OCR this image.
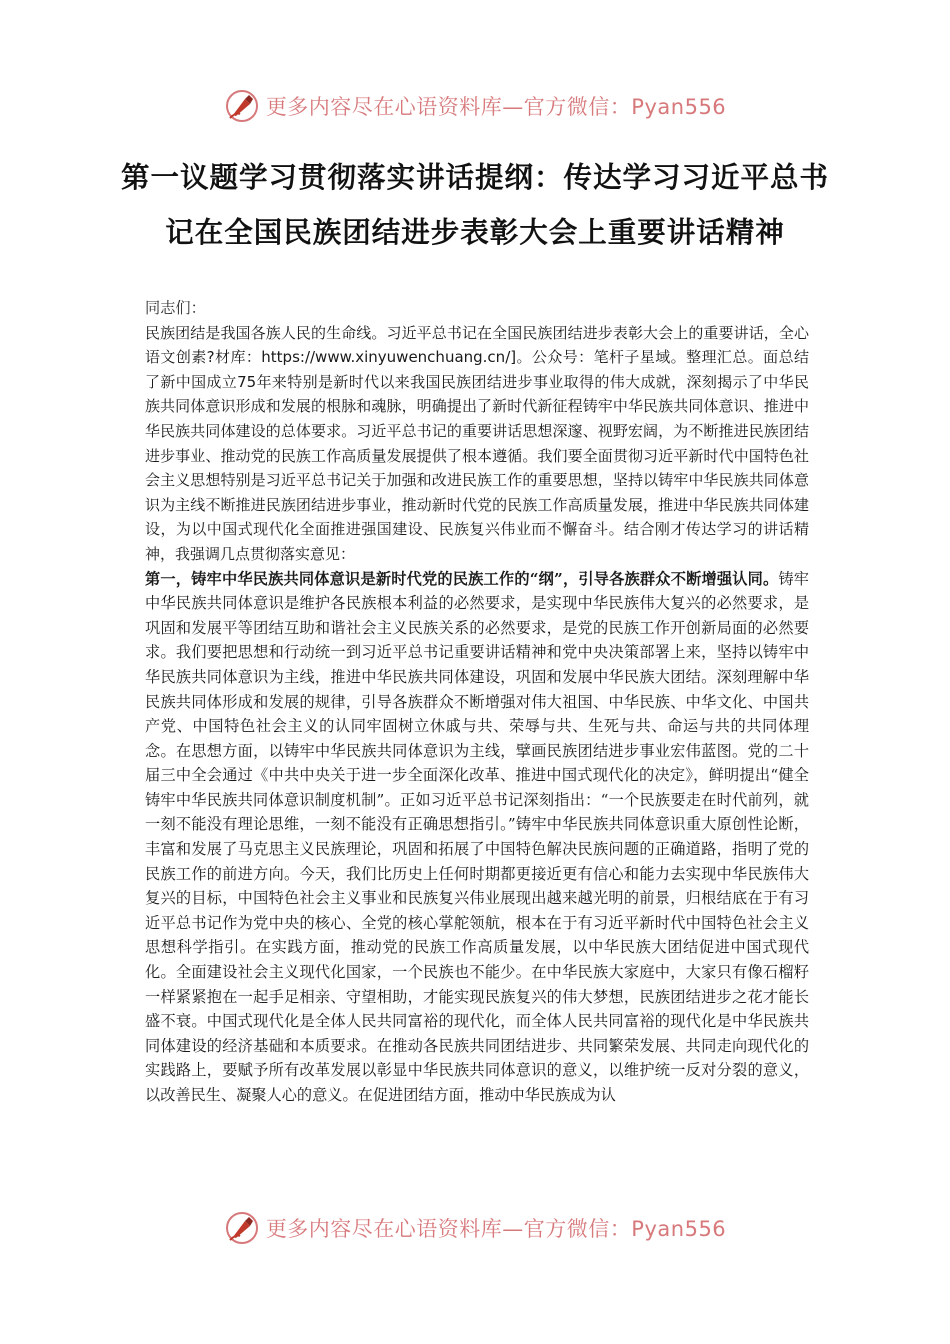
更多内容尽在心语资料库—官方微信：Pyan556
第一议题学习贯彻落实讲话提纲：传达学习习近平总书记在全国民族团结进步表彰大会上重要讲话精神

同志们：

民族团结是我国各族人民的生命线。习近平总书记在全国民族团结进步表彰大会上的重要讲话，全心语文创素?材库：https://www.xinyuwenchuang.cn/]。公众号：笔杆子星域。整理汇总。面总结了新中国成立75年来特别是新时代以来我国民族团结进步事业取得的伟大成就，深刻揭示了中华民族共同体意识形成和发展的根脉和魂脉，明确提出了新时代新征程铸牢中华民族共同体意识、推进中华民族共同体建设的总体要求。习近平总书记的重要讲话思想深邃、视野宏阔，为不断推进民族团结进步事业、推动党的民族工作高质量发展提供了根本遵循。我们要全面贯彻习近平新时代中国特色社会主义思想特别是习近平总书记关于加强和改进民族工作的重要思想，坚持以铸牢中华民族共同体意识为主线不断推进民族团结进步事业，推动新时代党的民族工作高质量发展，推进中华民族共同体建设，为以中国式现代化全面推进强国建设、民族复兴伟业而不懈奋斗。结合刚才传达学习的讲话精神，我强调几点贯彻落实意见：

第一，铸牢中华民族共同体意识是新时代党的民族工作的“纲”，引导各族群众不断增强认同。铸牢中华民族共同体意识是维护各民族根本利益的必然要求，是实现中华民族伟大复兴的必然要求，是巩固和发展平等团结互助和谐社会主义民族关系的必然要求，是党的民族工作开创新局面的必然要求。我们要把思想和行动统一到习近平总书记重要讲话精神和党中央决策部署上来，坚持以铸牢中华民族共同体意识为主线，推进中华民族共同体建设，巩固和发展中华民族大团结。深刻理解中华民族共同体形成和发展的规律，引导各族群众不断增强对伟大祖国、中华民族、中华文化、中国共产党、中国特色社会主义的认同牢固树立休戚与共、荣辱与共、生死与共、命运与共的共同体理念。在思想方面，以铸牢中华民族共同体意识为主线，擘画民族团结进步事业宏伟蓝图。党的二十届三中全会通过《中共中央关于进一步全面深化改革、推进中国式现代化的决定》，鲜明提出“健全铸牢中华民族共同体意识制度机制”。正如习近平总书记深刻指出：“一个民族要走在时代前列，就一刻不能没有理论思维，一刻不能没有正确思想指引。”铸牢中华民族共同体意识重大原创性论断，丰富和发展了马克思主义民族理论，巩固和拓展了中国特色解决民族问题的正确道路，指明了党的民族工作的前进方向。今天，我们比历史上任何时期都更接近更有信心和能力去实现中华民族伟大复兴的目标，中国特色社会主义事业和民族复兴伟业展现出越来越光明的前景，归根结底在于有习近平总书记作为党中央的核心、全党的核心掌舵领航，根本在于有习近平新时代中国特色社会主义思想科学指引。在实践方面，推动党的民族工作高质量发展，以中华民族大团结促进中国式现代化。全面建设社会主义现代化国家，一个民族也不能少。在中华民族大家庭中，大家只有像石榴籽一样紧紧抱在一起手足相亲、守望相助，才能实现民族复兴的伟大梦想，民族团结进步之花才能长盛不衰。中国式现代化是全体人民共同富裕的现代化，而全体人民共同富裕的现代化是中华民族共同体建设的经济基础和本质要求。在推动各民族共同团结进步、共同繁荣发展、共同走向现代化的实践路上，要赋予所有改革发展以彰显中华民族共同体意识的意义，以维护统一反对分裂的意义，以改善民生、凝聚人心的意义。在促进团结方面，推动中华民族成为认

更多内容尽在心语资料库—官方微信：Pyan556
